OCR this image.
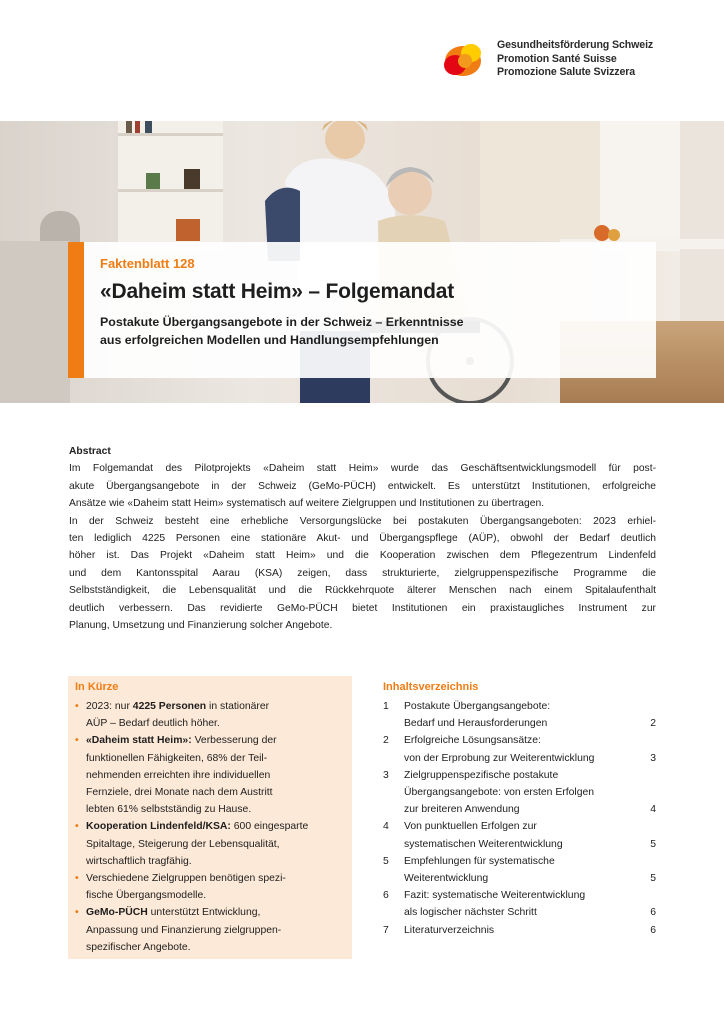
Gesundheitsförderung Schweiz
Promotion Santé Suisse
Promozione Salute Svizzera
Faktenblatt 128
«Daheim statt Heim» – Folgemandat
Postakute Übergangsangebote in der Schweiz – Erkenntnisse
aus erfolgreichen Modellen und Handlungsempfehlungen
Abstract
Im Folgemandat des Pilotprojekts «Daheim statt Heim» wurde das Geschäftsentwicklungsmodell für post-
akute Übergangsangebote in der Schweiz (GeMo-PÜCH) entwickelt. Es unterstützt Institutionen, erfolgreiche
Ansätze wie «Daheim statt Heim» systematisch auf weitere Zielgruppen und Institutionen zu übertragen.
In der Schweiz besteht eine erhebliche Versorgungslücke bei postakuten Übergangsangeboten: 2023 erhiel-
ten lediglich 4225 Personen eine stationäre Akut- und Übergangspflege (AÜP), obwohl der Bedarf deutlich
höher ist. Das Projekt «Daheim statt Heim» und die Kooperation zwischen dem Pflegezentrum Lindenfeld
und dem Kantonsspital Aarau (KSA) zeigen, dass strukturierte, zielgruppenspezifische Programme die
Selbstständigkeit, die Lebensqualität und die Rückkehrquote älterer Menschen nach einem Spitalaufenthalt
deutlich verbessern. Das revidierte GeMo-PÜCH bietet Institutionen ein praxistaugliches Instrument zur
Planung, Umsetzung und Finanzierung solcher Angebote.
In Kürze
• 2023: nur 4225 Personen in stationärer
AÜP – Bedarf deutlich höher.
• «Daheim statt Heim»: Verbesserung der
funktionellen Fähigkeiten, 68% der Teil-
nehmenden erreichten ihre individuellen
Fernziele, drei Monate nach dem Austritt
lebten 61% selbstständig zu Hause.
• Kooperation Lindenfeld/KSA: 600 eingesparte
Spitaltage, Steigerung der Lebensqualität,
wirtschaftlich tragfähig.
• Verschiedene Zielgruppen benötigen spezi-
fische Übergangsmodelle.
• GeMo-PÜCH unterstützt Entwicklung,
Anpassung und Finanzierung zielgruppen-
spezifischer Angebote.
Inhaltsverzeichnis
1 Postakute Übergangsangebote:
Bedarf und Herausforderungen	2
2 Erfolgreiche Lösungsansätze:
von der Erprobung zur Weiterentwicklung	3
3 Zielgruppenspezifische postakute
Übergangsangebote: von ersten Erfolgen
zur breiteren Anwendung	4
4 Von punktuellen Erfolgen zur
systematischen Weiterentwicklung	5
5 Empfehlungen für systematische
Weiterentwicklung	5
6 Fazit: systematische Weiterentwicklung
als logischer nächster Schritt	6
7 Literaturverzeichnis	6
